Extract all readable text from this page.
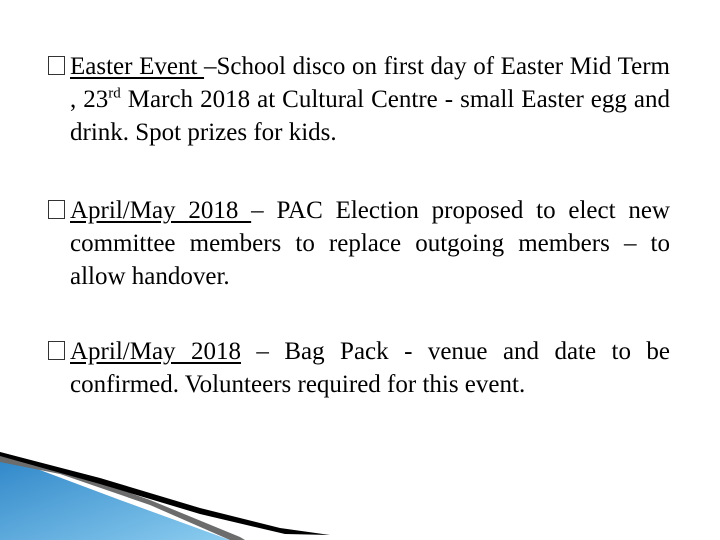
Easter Event –School disco on first day of Easter Mid Term , 23rd March 2018 at Cultural Centre - small Easter egg and drink. Spot prizes for kids.
April/May 2018 – PAC Election proposed to elect new committee members to replace outgoing members – to allow handover.
April/May 2018 – Bag Pack - venue and date to be confirmed. Volunteers required for this event.
